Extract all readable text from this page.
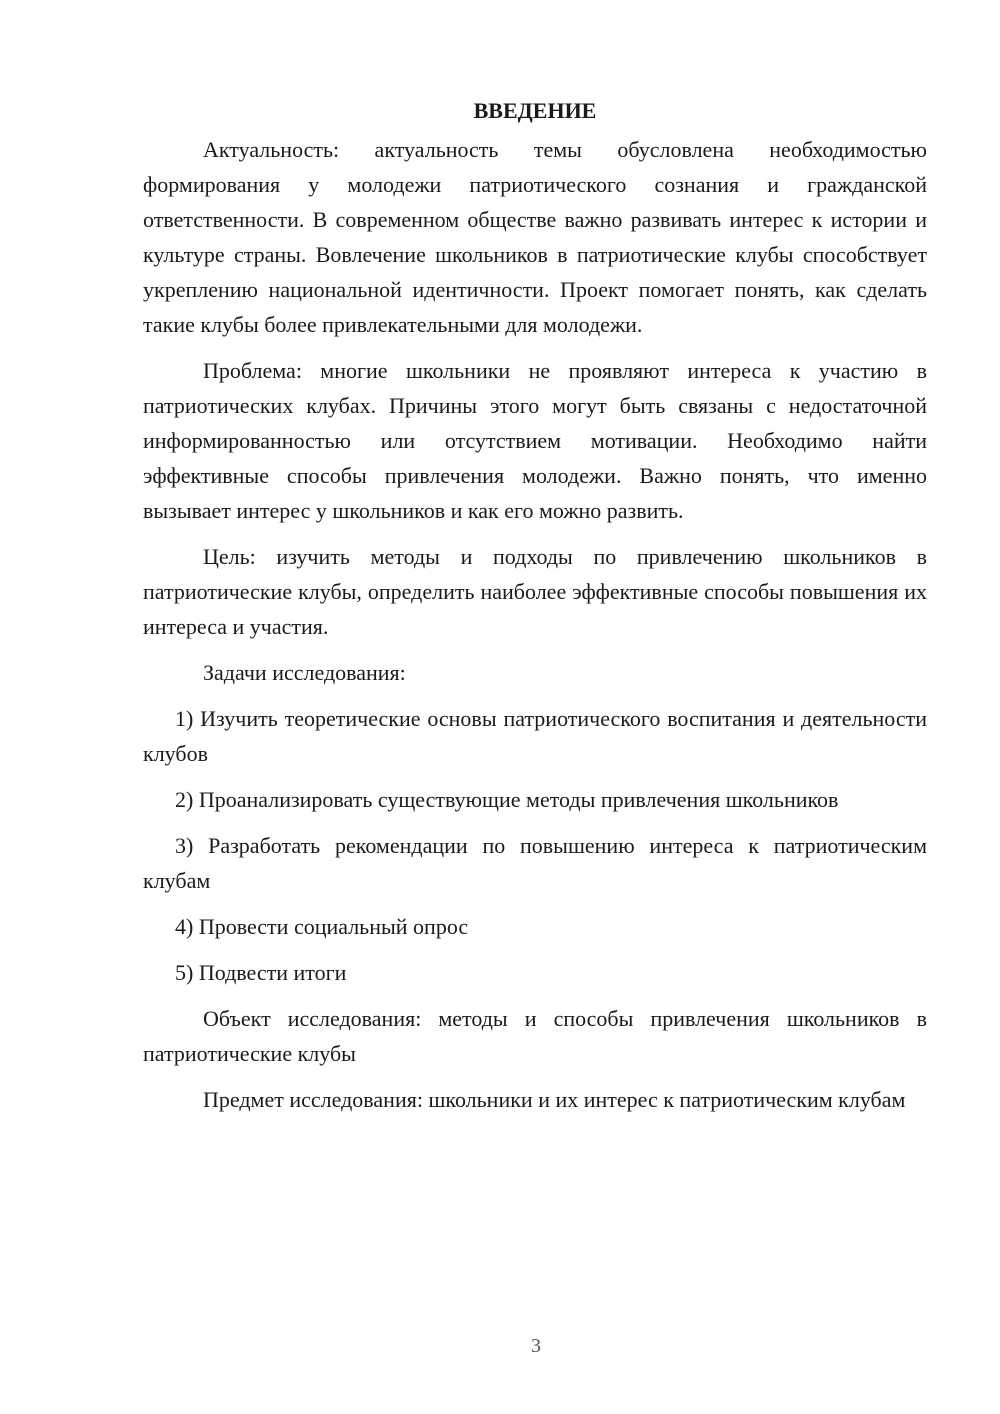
ВВЕДЕНИЕ

Актуальность: актуальность темы обусловлена необходимостью формирования у молодежи патриотического сознания и гражданской ответственности. В современном обществе важно развивать интерес к истории и культуре страны. Вовлечение школьников в патриотические клубы способствует укреплению национальной идентичности. Проект помогает понять, как сделать такие клубы более привлекательными для молодежи.

Проблема: многие школьники не проявляют интереса к участию в патриотических клубах. Причины этого могут быть связаны с недостаточной информированностью или отсутствием мотивации. Необходимо найти эффективные способы привлечения молодежи. Важно понять, что именно вызывает интерес у школьников и как его можно развить.

Цель: изучить методы и подходы по привлечению школьников в патриотические клубы, определить наиболее эффективные способы повышения их интереса и участия.

Задачи исследования:

1) Изучить теоретические основы патриотического воспитания и деятельности клубов

2) Проанализировать существующие методы привлечения школьников

3) Разработать рекомендации по повышению интереса к патриотическим клубам

4) Провести социальный опрос

5) Подвести итоги

Объект исследования: методы и способы привлечения школьников в патриотические клубы

Предмет исследования: школьники и их интерес к патриотическим клубам

3
